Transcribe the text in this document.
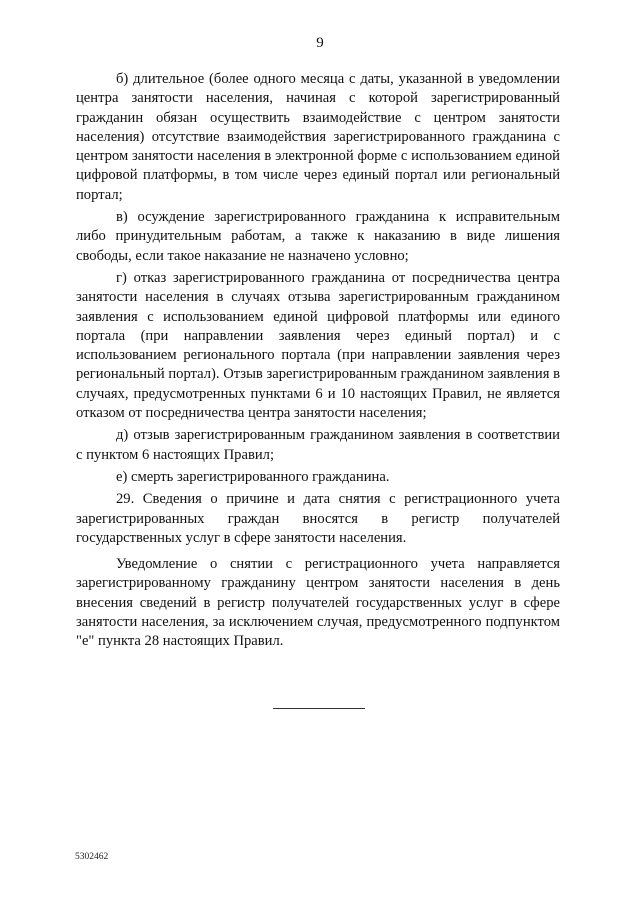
9

б) длительное (более одного месяца с даты, указанной в уведомлении центра занятости населения, начиная с которой зарегистрированный гражданин обязан осуществить взаимодействие с центром занятости населения) отсутствие взаимодействия зарегистрированного гражданина с центром занятости населения в электронной форме с использованием единой цифровой платформы, в том числе через единый портал или региональный портал;

в) осуждение зарегистрированного гражданина к исправительным либо принудительным работам, а также к наказанию в виде лишения свободы, если такое наказание не назначено условно;

г) отказ зарегистрированного гражданина от посредничества центра занятости населения в случаях отзыва зарегистрированным гражданином заявления с использованием единой цифровой платформы или единого портала (при направлении заявления через единый портал) и с использованием регионального портала (при направлении заявления через региональный портал). Отзыв зарегистрированным гражданином заявления в случаях, предусмотренных пунктами 6 и 10 настоящих Правил, не является отказом от посредничества центра занятости населения;

д) отзыв зарегистрированным гражданином заявления в соответствии с пунктом 6 настоящих Правил;

е) смерть зарегистрированного гражданина.

29. Сведения о причине и дата снятия с регистрационного учета зарегистрированных граждан вносятся в регистр получателей государственных услуг в сфере занятости населения.

Уведомление о снятии с регистрационного учета направляется зарегистрированному гражданину центром занятости населения в день внесения сведений в регистр получателей государственных услуг в сфере занятости населения, за исключением случая, предусмотренного подпунктом "е" пункта 28 настоящих Правил.

5302462
